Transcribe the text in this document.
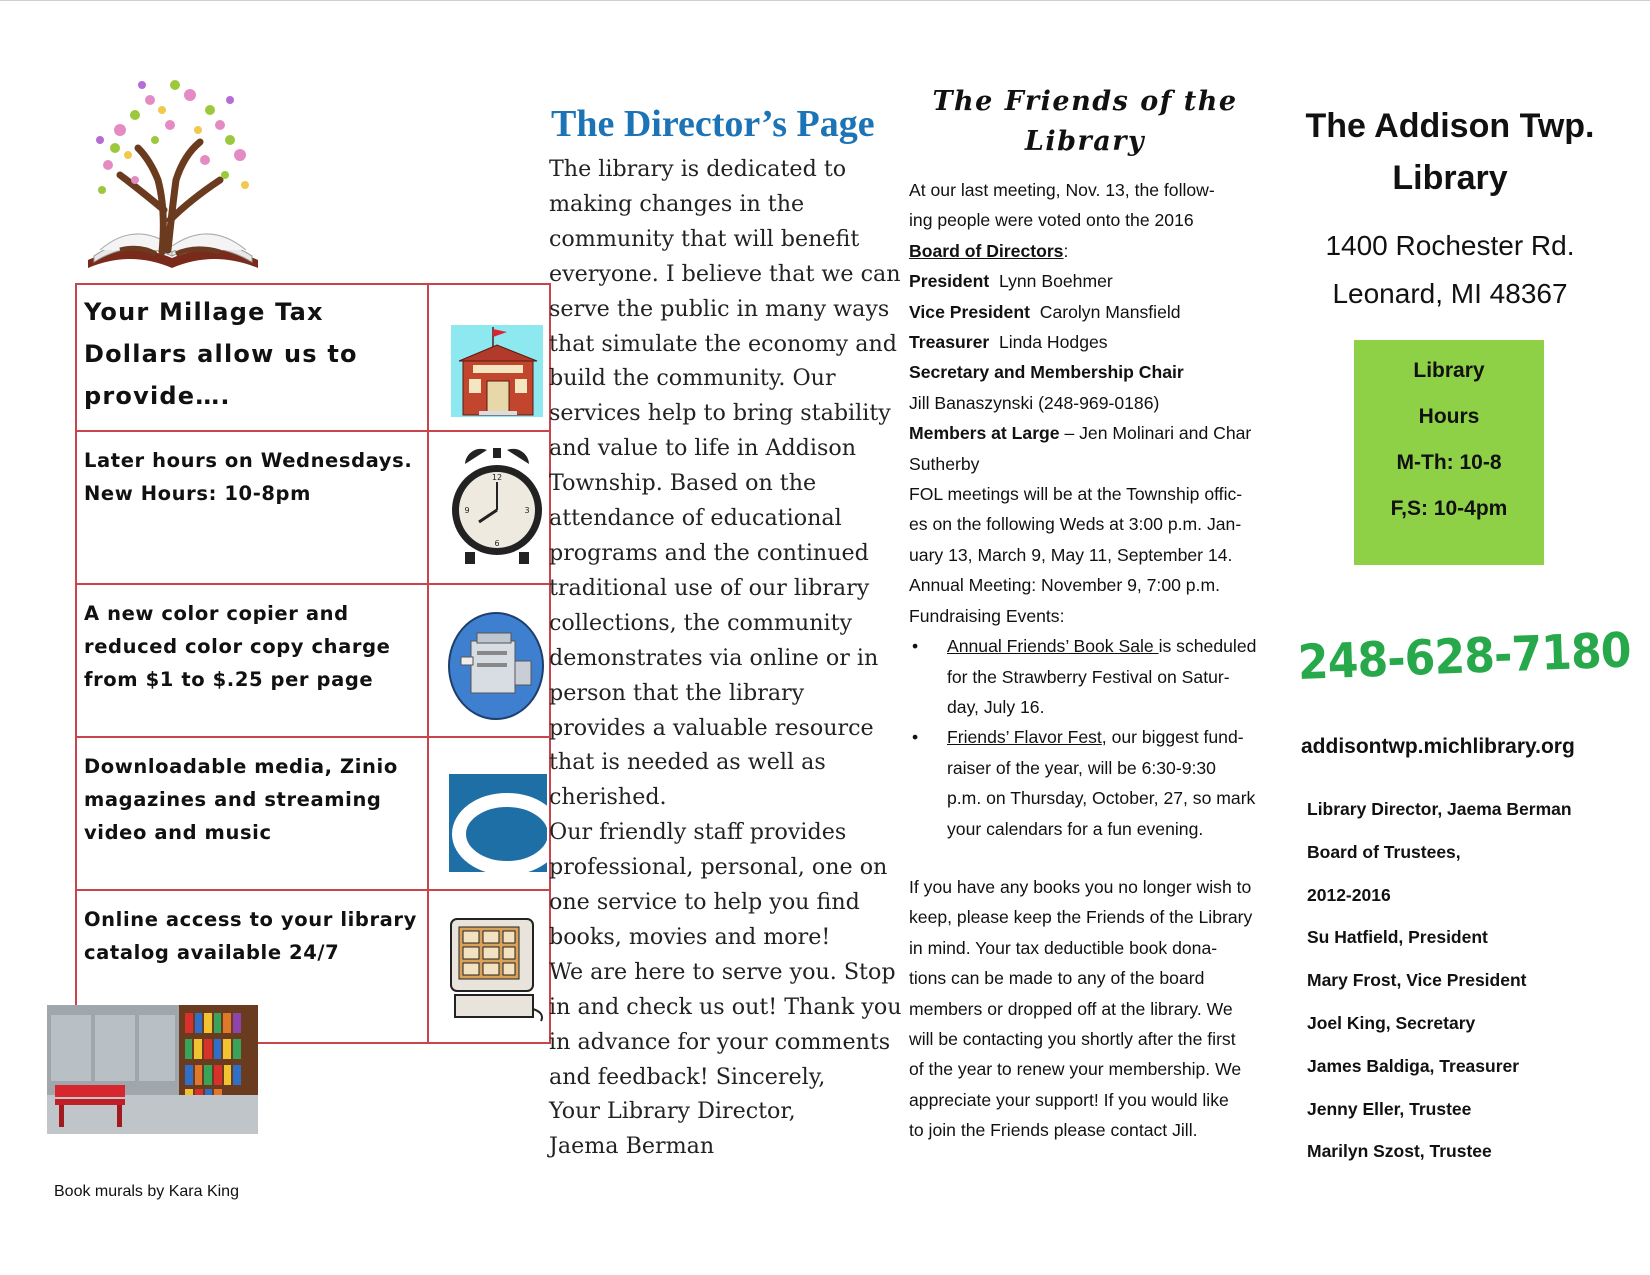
Your Millage Tax Dollars allow us to provide….	

Later hours on Wednesdays. New Hours: 10-8pm	12
3
6
9

A new color copier and reduced color copy charge from $1 to $.25 per page	

Downloadable media, Zinio magazines and streaming video and music	

Online access to your library catalog available 24/7	
Book murals by Kara King
The Director’s Page

The library is dedicated to

making changes in the

community that will benefit

everyone. I believe that we can

serve the public in many ways

that simulate the economy and

build the community. Our

services help to bring stability

and value to life in Addison

Township. Based on the

attendance of educational

programs and the continued

traditional use of our library

collections, the community

demonstrates via online or in

person that the library

provides a valuable resource

that is needed as well as

cherished.

Our friendly staff provides

professional, personal, one on

one service to help you find

books, movies and more!

We are here to serve you. Stop

in and check us out! Thank you

in advance for your comments

and feedback! Sincerely,

Your Library Director,

Jaema Berman

The Friends of the Library
At our last meeting, Nov. 13, the follow-
ing people were voted onto the 2016
Board of Directors:
President Lynn Boehmer
Vice President Carolyn Mansfield
Treasurer Linda Hodges
Secretary and Membership Chair
Jill Banaszynski (248-969-0186)
Members at Large – Jen Molinari and Char
Sutherby
FOL meetings will be at the Township offic-
es on the following Weds at 3:00 p.m. Jan-
uary 13, March 9, May 11, September 14.
Annual Meeting: November 9, 7:00 p.m.
Fundraising Events:
• Annual Friends’ Book Sale is scheduled
for the Strawberry Festival on Satur-
day, July 16.
• Friends’ Flavor Fest, our biggest fund-
raiser of the year, will be 6:30-9:30
p.m. on Thursday, October, 27, so mark
your calendars for a fun evening.
If you have any books you no longer wish to
keep, please keep the Friends of the Library
in mind. Your tax deductible book dona-
tions can be made to any of the board
members or dropped off at the library. We
will be contacting you shortly after the first
of the year to renew your membership. We
appreciate your support! If you would like
to join the Friends please contact Jill.
The Addison Twp.
Library
1400 Rochester Rd.
Leonard, MI 48367
Library
Hours
M-Th: 10-8
F,S: 10-4pm
248-628-7180
addisontwp.michlibrary.org
Library Director, Jaema Berman
Board of Trustees,
2012-2016
Su Hatfield, President
Mary Frost, Vice President
Joel King, Secretary
James Baldiga, Treasurer
Jenny Eller, Trustee
Marilyn Szost, Trustee
